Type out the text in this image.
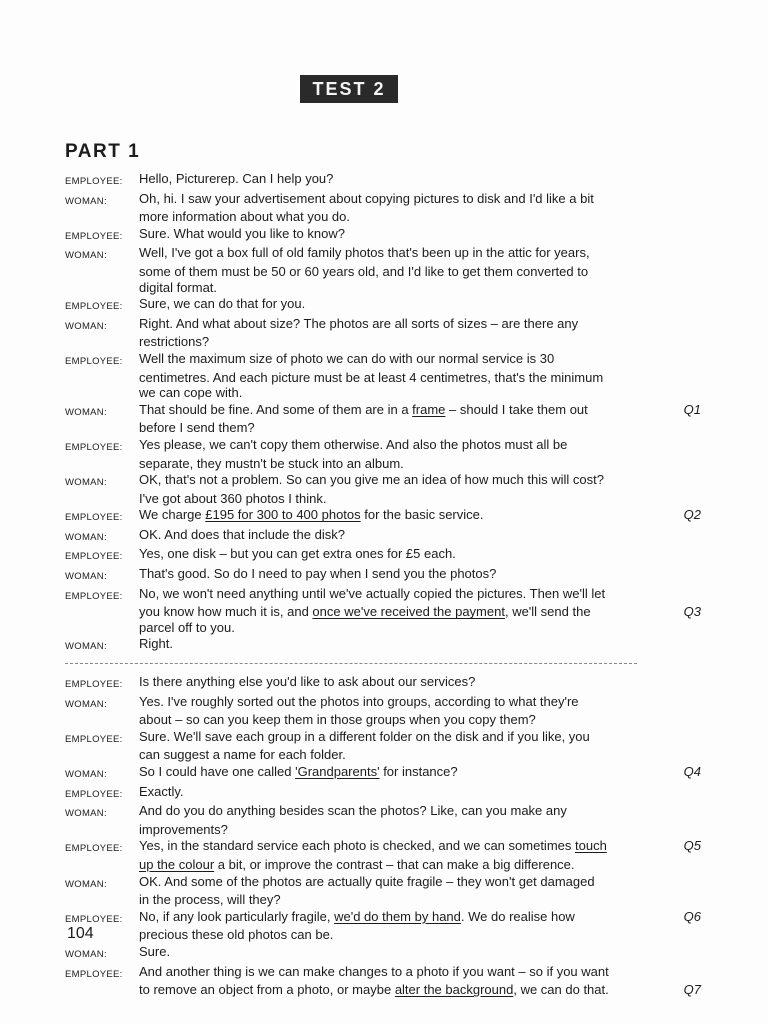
TEST 2
PART 1
EMPLOYEE:	Hello, Picturerep. Can I help you?
WOMAN:	Oh, hi. I saw your advertisement about copying pictures to disk and I'd like a bit
more information about what you do.
EMPLOYEE:	Sure. What would you like to know?
WOMAN:	Well, I've got a box full of old family photos that's been up in the attic for years,
some of them must be 50 or 60 years old, and I'd like to get them converted to
digital format.
EMPLOYEE:	Sure, we can do that for you.
WOMAN:	Right. And what about size? The photos are all sorts of sizes – are there any
restrictions?
EMPLOYEE:	Well the maximum size of photo we can do with our normal service is 30
centimetres. And each picture must be at least 4 centimetres, that's the minimum
we can cope with.
WOMAN:	That should be fine. And some of them are in a frame – should I take them out	Q1
before I send them?
EMPLOYEE:	Yes please, we can't copy them otherwise. And also the photos must all be
separate, they mustn't be stuck into an album.
WOMAN:	OK, that's not a problem. So can you give me an idea of how much this will cost?
I've got about 360 photos I think.
EMPLOYEE:	We charge £195 for 300 to 400 photos for the basic service.	Q2
WOMAN:	OK. And does that include the disk?
EMPLOYEE:	Yes, one disk – but you can get extra ones for £5 each.
WOMAN:	That's good. So do I need to pay when I send you the photos?
EMPLOYEE:	No, we won't need anything until we've actually copied the pictures. Then we'll let
you know how much it is, and once we've received the payment, we'll send the	Q3
parcel off to you.
WOMAN:	Right.
EMPLOYEE:	Is there anything else you'd like to ask about our services?
WOMAN:	Yes. I've roughly sorted out the photos into groups, according to what they're
about – so can you keep them in those groups when you copy them?
EMPLOYEE:	Sure. We'll save each group in a different folder on the disk and if you like, you
can suggest a name for each folder.
WOMAN:	So I could have one called 'Grandparents' for instance?	Q4
EMPLOYEE:	Exactly.
WOMAN:	And do you do anything besides scan the photos? Like, can you make any
improvements?
EMPLOYEE:	Yes, in the standard service each photo is checked, and we can sometimes touch	Q5
up the colour a bit, or improve the contrast – that can make a big difference.
WOMAN:	OK. And some of the photos are actually quite fragile – they won't get damaged
in the process, will they?
EMPLOYEE:	No, if any look particularly fragile, we'd do them by hand. We do realise how	Q6
precious these old photos can be.
WOMAN:	Sure.
EMPLOYEE:	And another thing is we can make changes to a photo if you want – so if you want
to remove an object from a photo, or maybe alter the background, we can do that.	Q7
104
